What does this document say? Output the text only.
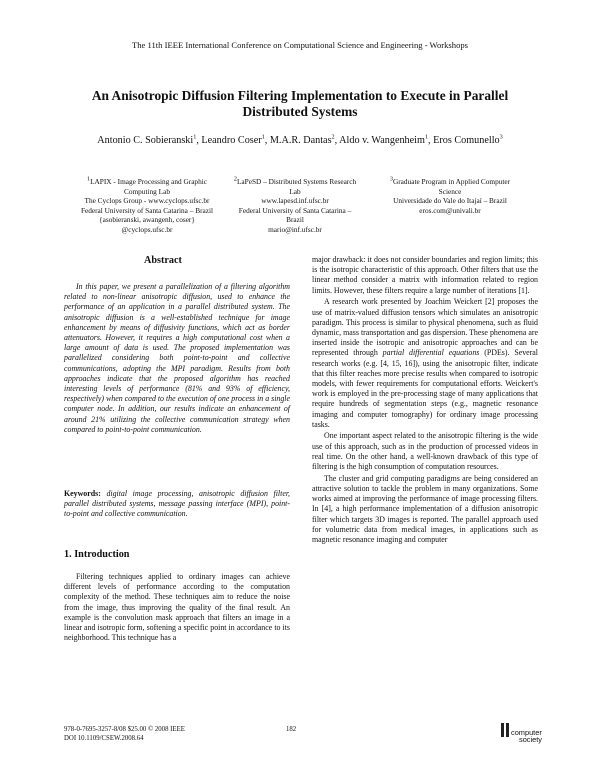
The 11th IEEE International Conference on Computational Science and Engineering - Workshops
An Anisotropic Diffusion Filtering Implementation to Execute in Parallel Distributed Systems
Antonio C. Sobieranski$^1$, Leandro Coser$^1$, M.A.R. Dantas$^2$, Aldo v. Wangenheim$^1$, Eros Comunello$^3$

$^1$LAPIX - Image Processing and Graphic Computing Lab

The Cyclops Group - www.cyclops.ufsc.br

Federal University of Santa Catarina – Brazil

{asobieranski, awangenh, coser}

@cyclops.ufsc.br

$^2$LaPeSD – Distributed Systems Research Lab

www.lapesd.inf.ufsc.br

Federal University of Santa Catarina – Brazil

mario@inf.ufsc.br

$^3$Graduate Program in Applied Computer Science

Universidade do Vale do Itajaí – Brazil

eros.com@univali.br

Abstract

In this paper, we present a parallelization of a filtering algorithm related to non-linear anisotropic diffusion, used to enhance the performance of an application in a parallel distributed system. The anisotropic diffusion is a well-established technique for image enhancement by means of diffusivity functions, which act as border attenuators. However, it requires a high computational cost when a large amount of data is used. The proposed implementation was parallelized considering both point-to-point and collective communications, adopting the MPI paradigm. Results from both approaches indicate that the proposed algorithm has reached interesting levels of performance (81% and 93% of efficiency, respectively) when compared to the execution of one process in a single computer node. In addition, our results indicate an enhancement of around 21% utilizing the collective communication strategy when compared to point-to-point communication.

Keywords: digital image processing, anisotropic diffusion filter, parallel distributed systems, message passing interface (MPI), point-to-point and collective communication.

1. Introduction

Filtering techniques applied to ordinary images can achieve different levels of performance according to the computation complexity of the method. These techniques aim to reduce the noise from the image, thus improving the quality of the final result. An example is the convolution mask approach that filters an image in a linear and isotropic form, softening a specific point in accordance to its neighborhood. This technique has a

major drawback: it does not consider boundaries and region limits; this is the isotropic characteristic of this approach. Other filters that use the linear method consider a matrix with information related to region limits. However, these filters require a large number of iterations [1].

A research work presented by Joachim Weickert [2] proposes the use of matrix-valued diffusion tensors which simulates an anisotropic paradigm. This process is similar to physical phenomena, such as fluid dynamic, mass transportation and gas dispersion. These phenomena are inserted inside the isotropic and anisotropic approaches and can be represented through partial differential equations (PDEs). Several research works (e.g. [4, 15, 16]), using the anisotropic filter, indicate that this filter reaches more precise results when compared to isotropic models, with fewer requirements for computational efforts. Weickert's work is employed in the pre-processing stage of many applications that require hundreds of segmentation steps (e.g., magnetic resonance imaging and computer tomography) for ordinary image processing tasks.

One important aspect related to the anisotropic filtering is the wide use of this approach, such as in the production of processed videos in real time. On the other hand, a well-known drawback of this type of filtering is the high consumption of computation resources.

The cluster and grid computing paradigms are being considered an attractive solution to tackle the problem in many organizations. Some works aimed at improving the performance of image processing filters. In [4], a high performance implementation of a diffusion anisotropic filter which targets 3D images is reported. The parallel approach used for volumetric data from medical images, in applications such as magnetic resonance imaging and computer

978-0-7695-3257-8/08 $25.00 © 2008 IEEE
DOI 10.1109/CSEW.2008.64
182	computer
society
